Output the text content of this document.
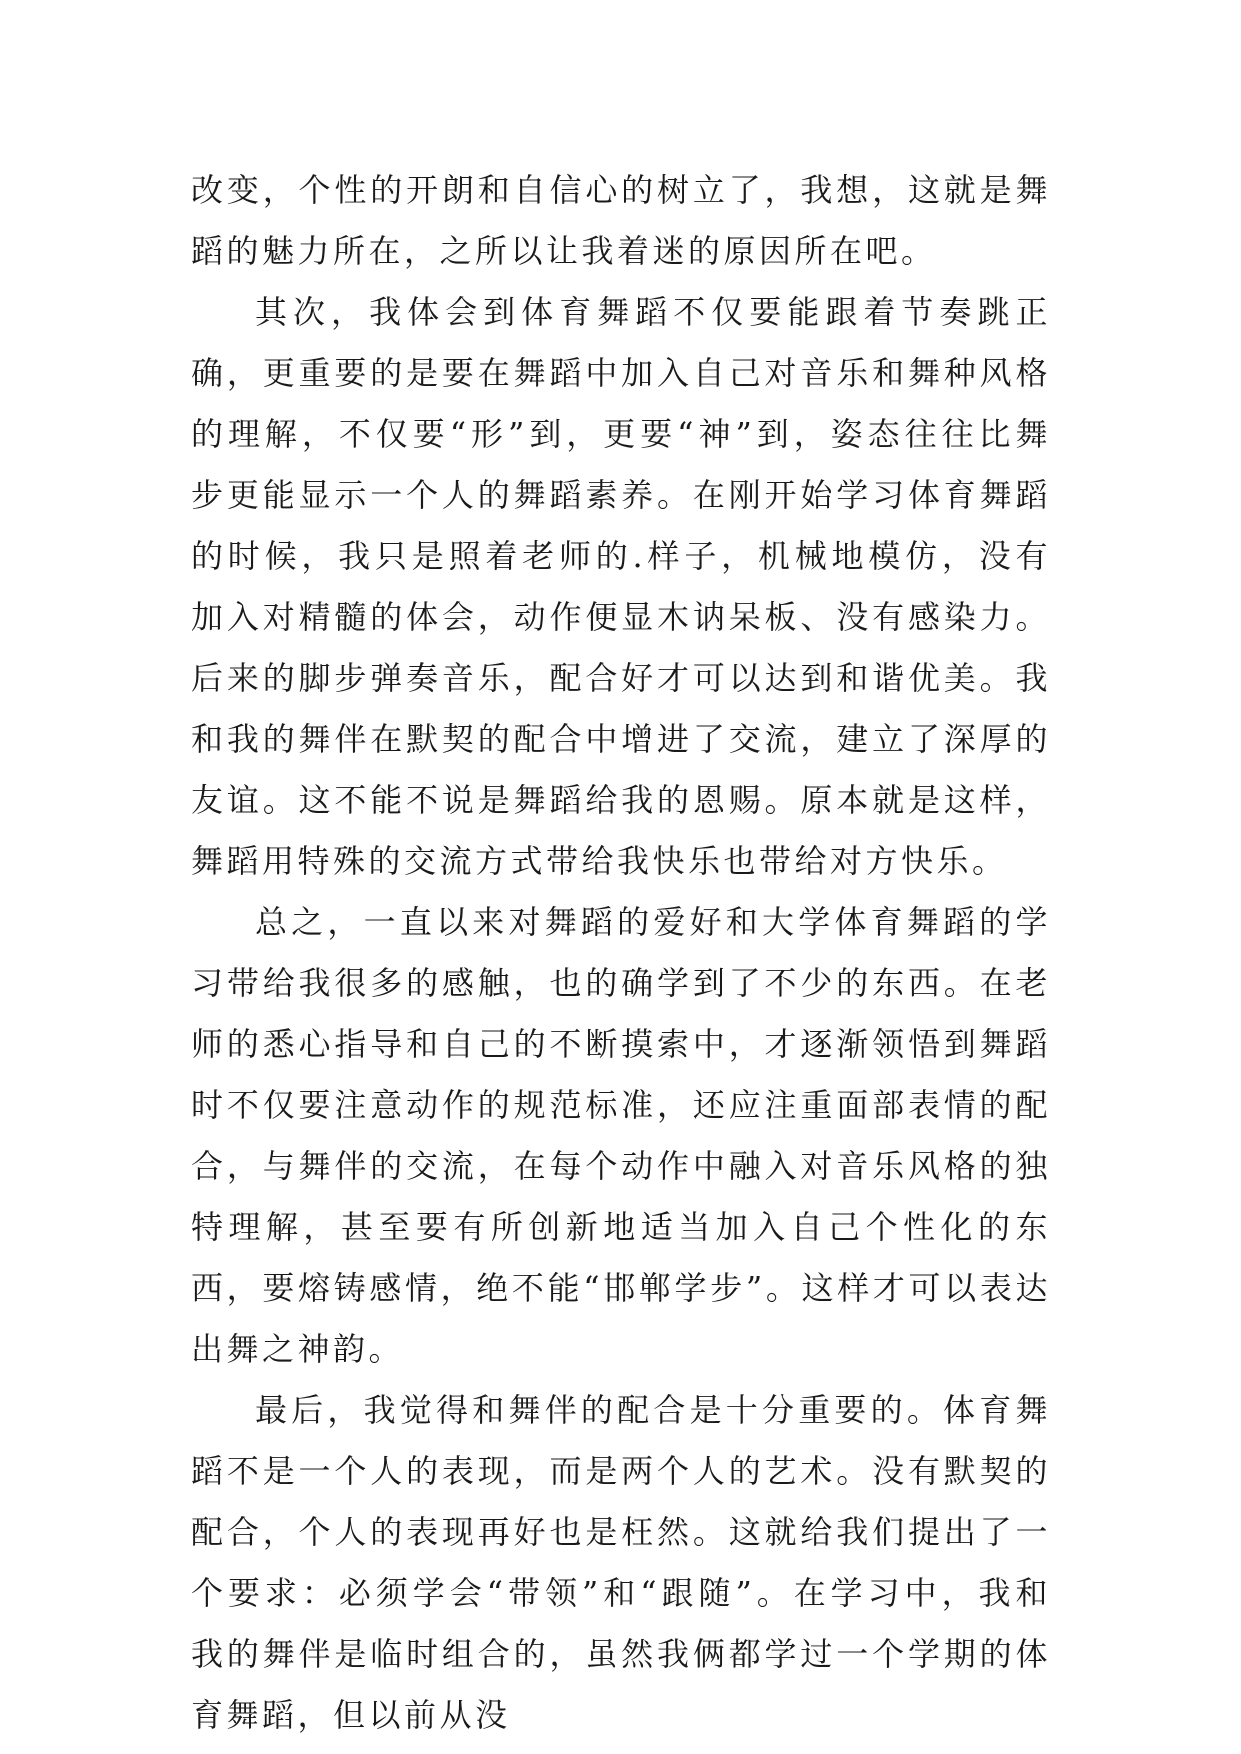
改变，个性的开朗和自信心的树立了，我想，这就是舞蹈的魅力所在，之所以让我着迷的原因所在吧。

其次，我体会到体育舞蹈不仅要能跟着节奏跳正确，更重要的是要在舞蹈中加入自己对音乐和舞种风格的理解，不仅要“形”到，更要“神”到，姿态往往比舞步更能显示一个人的舞蹈素养。在刚开始学习体育舞蹈的时候，我只是照着老师的.样子，机械地模仿，没有加入对精髓的体会，动作便显木讷呆板、没有感染力。后来的脚步弹奏音乐，配合好才可以达到和谐优美。我和我的舞伴在默契的配合中增进了交流，建立了深厚的友谊。这不能不说是舞蹈给我的恩赐。原本就是这样，舞蹈用特殊的交流方式带给我快乐也带给对方快乐。

总之，一直以来对舞蹈的爱好和大学体育舞蹈的学习带给我很多的感触，也的确学到了不少的东西。在老师的悉心指导和自己的不断摸索中，才逐渐领悟到舞蹈时不仅要注意动作的规范标准，还应注重面部表情的配合，与舞伴的交流，在每个动作中融入对音乐风格的独特理解，甚至要有所创新地适当加入自己个性化的东西，要熔铸感情，绝不能“邯郸学步”。这样才可以表达出舞之神韵。

最后，我觉得和舞伴的配合是十分重要的。体育舞蹈不是一个人的表现，而是两个人的艺术。没有默契的配合，个人的表现再好也是枉然。这就给我们提出了一个要求：必须学会“带领”和“跟随”。在学习中，我和我的舞伴是临时组合的，虽然我俩都学过一个学期的体育舞蹈，但以前从没
